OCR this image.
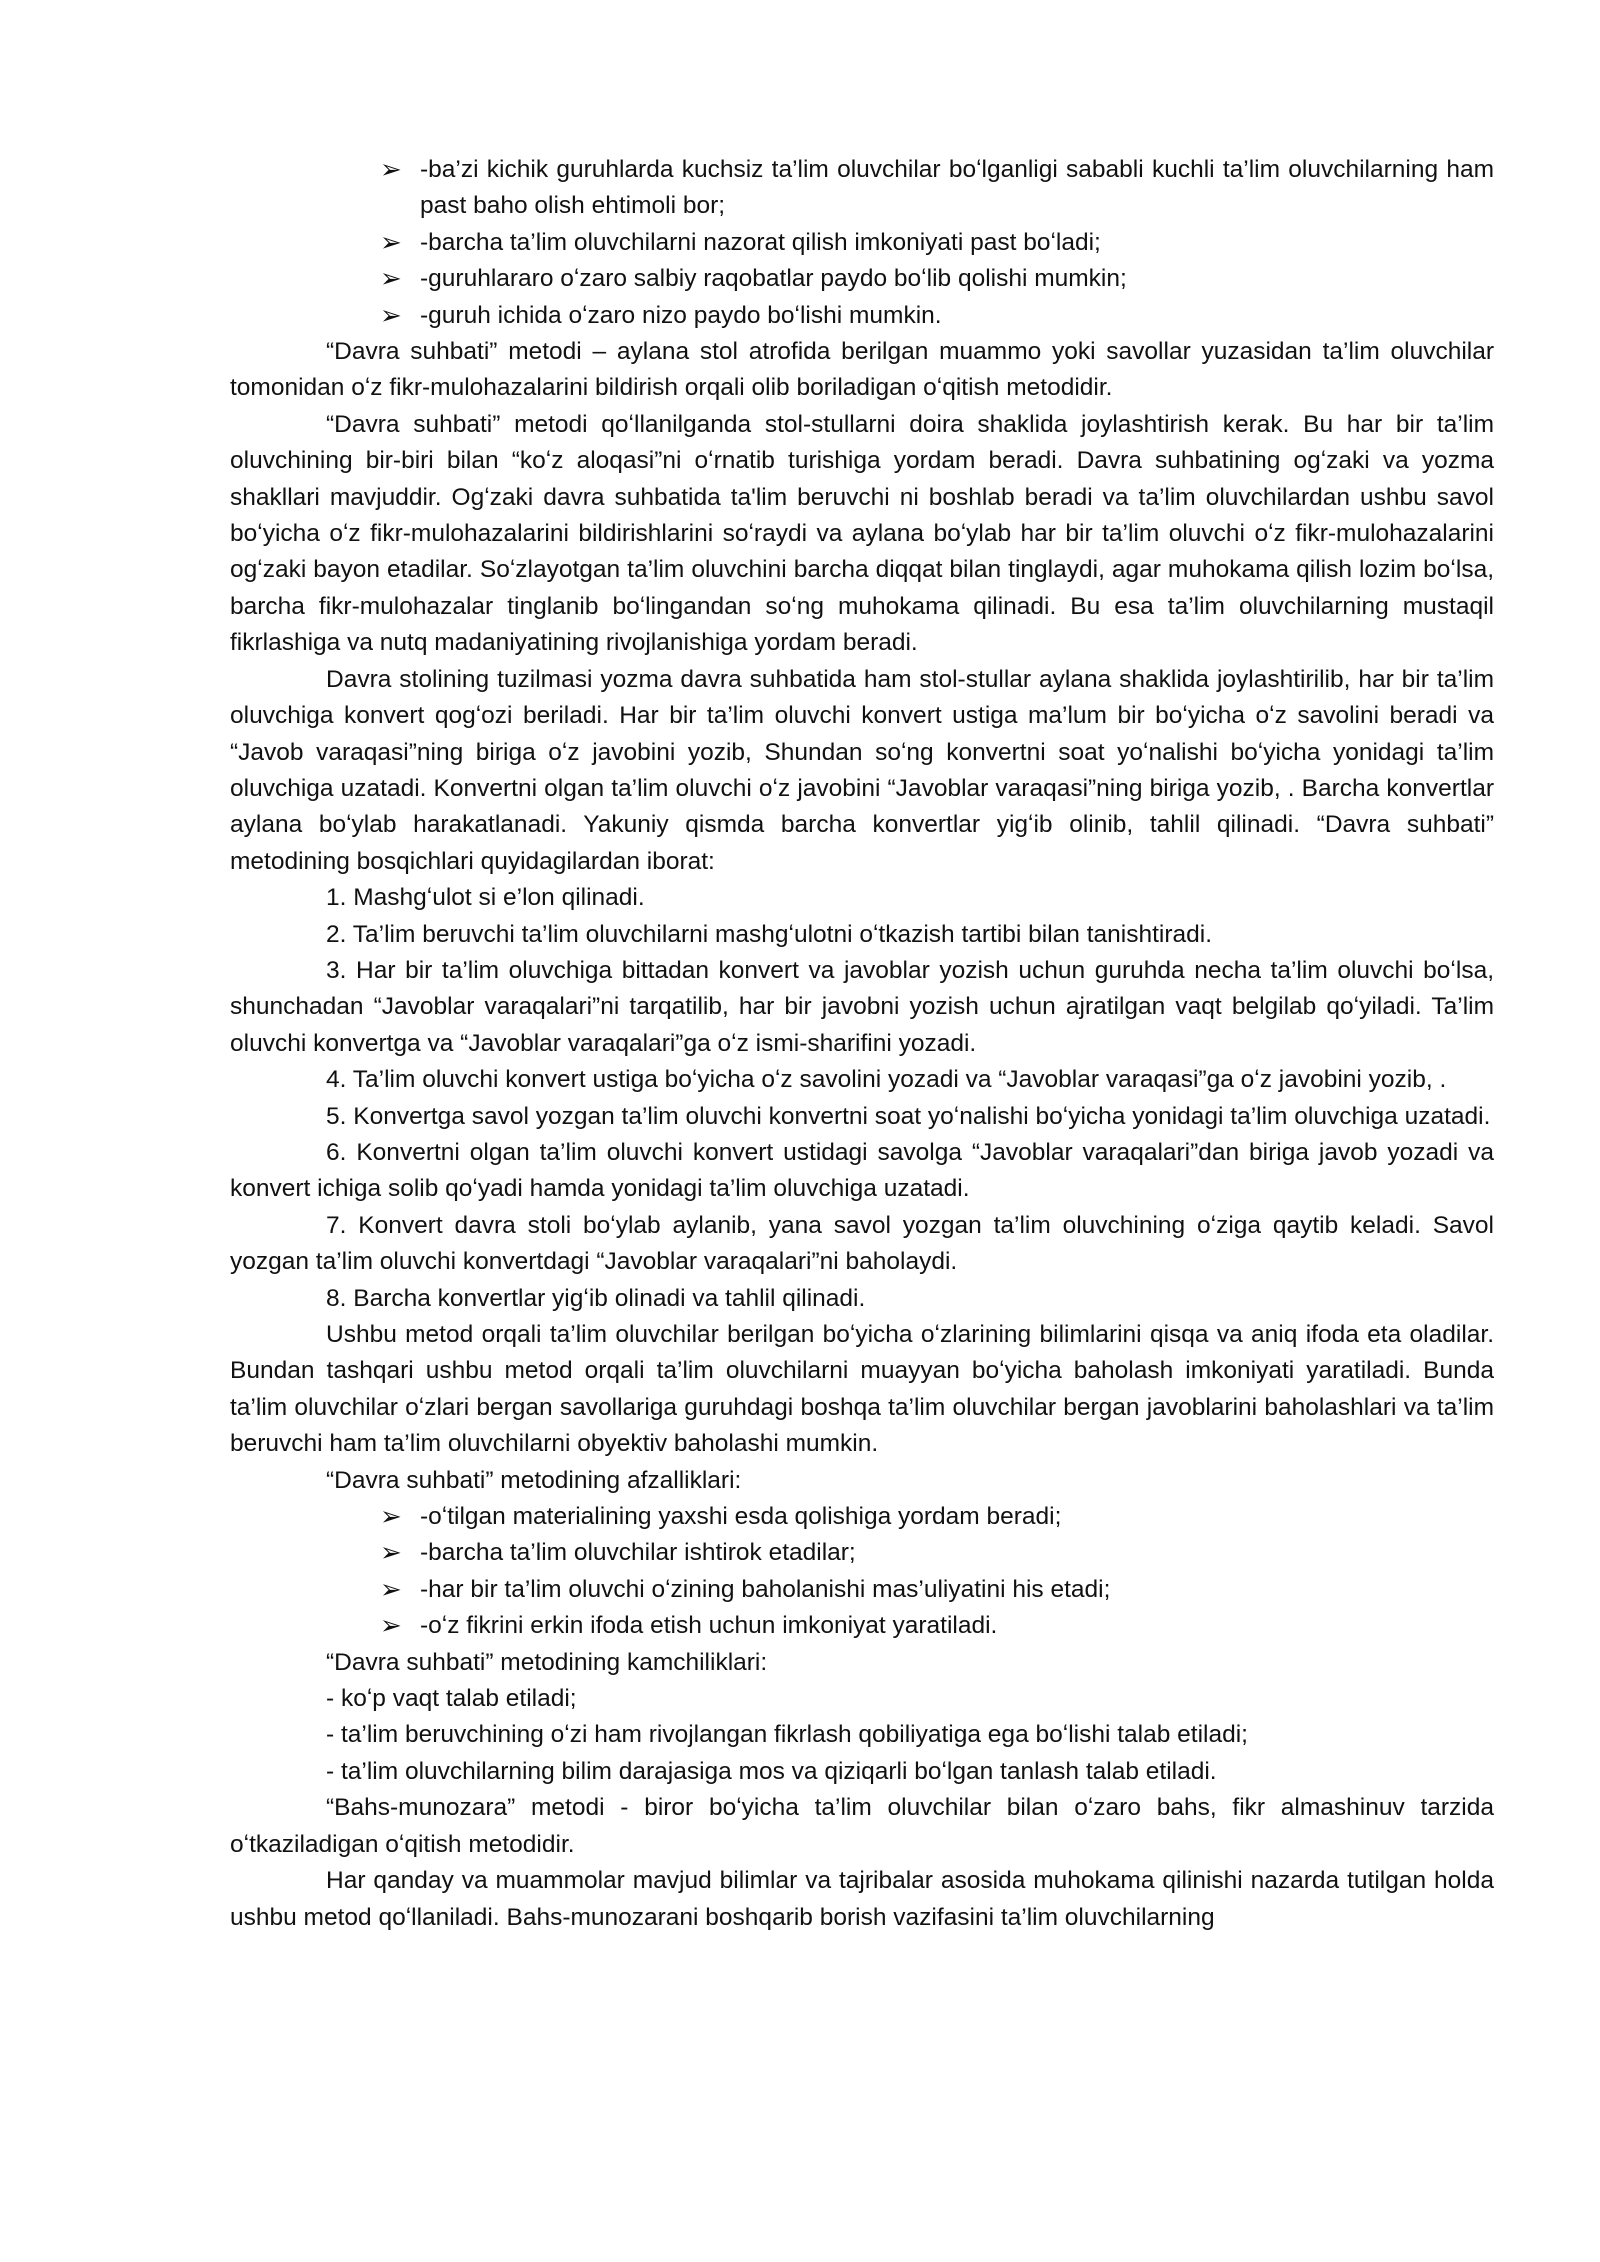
➢ -ba’zi kichik guruhlarda kuchsiz ta’lim oluvchilar boʻlganligi sababli kuchli ta’lim oluvchilarning ham past baho olish ehtimoli bor;
➢ -barcha ta’lim oluvchilarni nazorat qilish imkoniyati past boʻladi;
➢ -guruhlararo oʻzaro salbiy raqobatlar paydo boʻlib qolishi mumkin;
➢ -guruh ichida oʻzaro nizo paydo boʻlishi mumkin.
“Davra suhbati” metodi – aylana stol atrofida berilgan muammo yoki savollar yuzasidan ta’lim oluvchilar tomonidan oʻz fikr-mulohazalarini bildirish orqali olib boriladigan oʻqitish metodidir.
“Davra suhbati” metodi qoʻllanilganda stol-stullarni doira shaklida joylashtirish kerak. Bu har bir ta’lim oluvchining bir-biri bilan “koʻz aloqasi”ni oʻrnatib turishiga yordam beradi. Davra suhbatining ogʻzaki va yozma shakllari mavjuddir. Ogʻzaki davra suhbatida ta'lim beruvchi ni boshlab beradi va ta’lim oluvchilardan ushbu savol boʻyicha oʻz fikr-mulohazalarini bildirishlarini soʻraydi va aylana boʻylab har bir ta’lim oluvchi oʻz fikr-mulohazalarini ogʻzaki bayon etadilar. Soʻzlayotgan ta’lim oluvchini barcha diqqat bilan tinglaydi, agar muhokama qilish lozim boʻlsa, barcha fikr-mulohazalar tinglanib boʻlingandan soʻng muhokama qilinadi. Bu esa ta’lim oluvchilarning mustaqil fikrlashiga va nutq madaniyatining rivojlanishiga yordam beradi.
Davra stolining tuzilmasi yozma davra suhbatida ham stol-stullar aylana shaklida joylashtirilib, har bir ta’lim oluvchiga konvert qogʻozi beriladi. Har bir ta’lim oluvchi konvert ustiga ma’lum bir boʻyicha oʻz savolini beradi va “Javob varaqasi”ning biriga oʻz javobini yozib, Shundan soʻng konvertni soat yoʻnalishi boʻyicha yonidagi ta’lim oluvchiga uzatadi. Konvertni olgan ta’lim oluvchi oʻz javobini “Javoblar varaqasi”ning biriga yozib, . Barcha konvertlar aylana boʻylab harakatlanadi. Yakuniy qismda barcha konvertlar yigʻib olinib, tahlil qilinadi. “Davra suhbati” metodining bosqichlari quyidagilardan iborat:
1. Mashgʻulot si e’lon qilinadi.
2. Ta’lim beruvchi ta’lim oluvchilarni mashgʻulotni oʻtkazish tartibi bilan tanishtiradi.
3. Har bir ta’lim oluvchiga bittadan konvert va javoblar yozish uchun guruhda necha ta’lim oluvchi boʻlsa, shunchadan “Javoblar varaqalari”ni tarqatilib, har bir javobni yozish uchun ajratilgan vaqt belgilab qoʻyiladi. Ta’lim oluvchi konvertga va “Javoblar varaqalari”ga oʻz ismi-sharifini yozadi.
4. Ta’lim oluvchi konvert ustiga boʻyicha oʻz savolini yozadi va “Javoblar varaqasi”ga oʻz javobini yozib, .
5. Konvertga savol yozgan ta’lim oluvchi konvertni soat yoʻnalishi boʻyicha yonidagi ta’lim oluvchiga uzatadi.
6. Konvertni olgan ta’lim oluvchi konvert ustidagi savolga “Javoblar varaqalari”dan biriga javob yozadi va konvert ichiga solib qoʻyadi hamda yonidagi ta’lim oluvchiga uzatadi.
7. Konvert davra stoli boʻylab aylanib, yana savol yozgan ta’lim oluvchining oʻziga qaytib keladi. Savol yozgan ta’lim oluvchi konvertdagi “Javoblar varaqalari”ni baholaydi.
8. Barcha konvertlar yigʻib olinadi va tahlil qilinadi.
Ushbu metod orqali ta’lim oluvchilar berilgan boʻyicha oʻzlarining bilimlarini qisqa va aniq ifoda eta oladilar. Bundan tashqari ushbu metod orqali ta’lim oluvchilarni muayyan boʻyicha baholash imkoniyati yaratiladi. Bunda ta’lim oluvchilar oʻzlari bergan savollariga guruhdagi boshqa ta’lim oluvchilar bergan javoblarini baholashlari va ta’lim beruvchi ham ta’lim oluvchilarni obyektiv baholashi mumkin.
“Davra suhbati” metodining afzalliklari:
➢ -oʻtilgan materialining yaxshi esda qolishiga yordam beradi;
➢ -barcha ta’lim oluvchilar ishtirok etadilar;
➢ -har bir ta’lim oluvchi oʻzining baholanishi mas’uliyatini his etadi;
➢ -oʻz fikrini erkin ifoda etish uchun imkoniyat yaratiladi.
“Davra suhbati” metodining kamchiliklari:
- koʻp vaqt talab etiladi;
- ta’lim beruvchining oʻzi ham rivojlangan fikrlash qobiliyatiga ega boʻlishi talab etiladi;
- ta’lim oluvchilarning bilim darajasiga mos va qiziqarli boʻlgan tanlash talab etiladi.
“Bahs-munozara” metodi - biror boʻyicha ta’lim oluvchilar bilan oʻzaro bahs, fikr almashinuv tarzida oʻtkaziladigan oʻqitish metodidir.
Har qanday va muammolar mavjud bilimlar va tajribalar asosida muhokama qilinishi nazarda tutilgan holda ushbu metod qoʻllaniladi. Bahs-munozarani boshqarib borish vazifasini ta’lim oluvchilarning
